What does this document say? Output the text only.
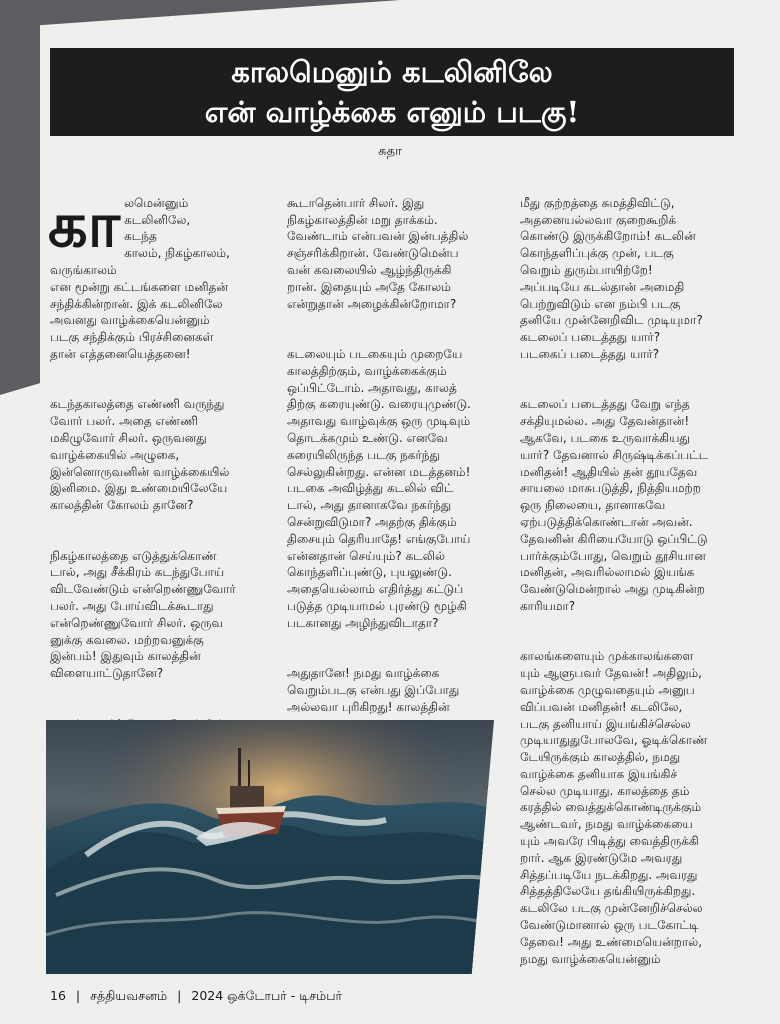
காலமெனும் கடலினிலே
என் வாழ்க்கை எனும் படகு!
சுதா

காலமென்னும்
கடலினிலே,
கடந்த
காலம், நிகழ்காலம், வருங்காலம்
என மூன்று கட்டங்களை மனிதன்
சந்திக்கின்றான். இக் கடலினிலே
அவனது வாழ்க்கையென்னும்
படகு சந்திக்கும் பிரச்சினைகள்
தான் எத்தனையெத்தனை!

கடந்தகாலத்தை எண்ணி வருந்து
வோர் பலர். அதை எண்ணி
மகிழுவோர் சிலர். ஒருவனது
வாழ்க்கையில் அழுகை,
இன்னொருவனின் வாழ்க்கையில்
இனிமை. இது உண்மையிலேயே
காலத்தின் கோலம் தானே?

நிகழ்காலத்தை எடுத்துக்கொண்
டால், அது சீக்கிரம் கடந்துபோய்
விடவேண்டும் என்றெண்ணுவோர்
பலர். அது போய்விடக்கூடாது
என்றெண்ணுவோர் சிலர். ஒருவ
னுக்கு கவலை. மற்றவனுக்கு
இன்பம்! இதுவும் காலத்தின்
விளையாட்டுதானே?

கூடாதென்பார் சிலர். இது
நிகழ்காலத்தின் மறு தாக்கம்.
வேண்டாம் என்பவன் இன்பத்தில்
சஞ்சரிக்கிறான். வேண்டுமென்ப
வன் கவலையில் ஆழ்ந்திருக்கி
றான். இதையும் அதே கோலம்
என்றுதான் அழைக்கின்றோமா?

கடலையும் படகையும் முறையே
காலத்திற்கும், வாழ்க்கைக்கும்
ஒப்பிட்டோம். அதாவது, காலத்
திற்கு கரையுண்டு. வரையுமுண்டு.
அதாவது வாழ்வுக்கு ஒரு முடிவும்
தொடக்கமும் உண்டு. எனவே
கரையிலிருந்த படகு நகர்ந்து
செல்லுகின்றது. என்ன மடத்தனம்!
படகை அவிழ்த்து கடலில் விட்
டால், அது தானாகவே நகர்ந்து
சென்றுவிடுமா? அதற்கு திக்கும்
திசையும் தெரியாதே! எங்குபோய்
என்னதான் செய்யும்? கடலில்
கொந்தளிப்புண்டு, புயலுண்டு.
அதையெல்லாம் எதிர்த்து கட்டுப்
படுத்த முடியாமல் புரண்டு மூழ்கி
படகானது அழிந்துவிடாதா?

அதுதானே! நமது வாழ்க்கை
வெறும்படகு என்பது இப்போது
அல்லவா புரிகிறது! காலத்தின்

மீது குற்றத்தை சுமத்திவிட்டு,
அதனையல்லவா குறைகூறிக்
கொண்டு இருக்கிறோம்! கடலின்
கொந்தளிப்புக்கு முன், படகு
வெறும் துரும்பாயிற்றே!
அப்படியே கடல்தான் அமைதி
பெற்றுவிடும் என நம்பி படகு
தனியே முன்னேறிவிட முடியுமா?
கடலைப் படைத்தது யார்?
படகைப் படைத்தது யார்?

கடலைப் படைத்தது வேறு எந்த
சக்தியுமல்ல. அது தேவன்தான்!
ஆகவே, படகை உருவாக்கியது
யார்? தேவனால் சிருஷ்டிக்கப்பட்ட
மனிதன்! ஆதியில் தன் தூயதேவ
சாயலை மாசுபடுத்தி, நித்தியமற்ற
ஒரு நிலையை, தானாகவே
ஏற்படுத்திக்கொண்டான் அவன்.
தேவனின் கிரியையோடு ஒப்பிட்டு
பார்க்கும்போது, வெறும் தூசியான
மனிதன், அவரில்லாமல் இயங்க
வேண்டுமென்றால் அது முடிகின்ற
காரியமா?

காலங்களையும் முக்காலங்களை
யும் ஆளுபவர் தேவன்! அதிலும்,
வாழ்க்கை முழுவதையும் அனுப
விப்பவன் மனிதன்! கடலிலே,
படகு தனியாய் இயங்கிச்செல்ல
முடியாதுதுபோலவே, ஓடிக்கொண்
டேயிருக்கும் காலத்தில், நமது
வாழ்க்கை தனியாக இயங்கிச்
செல்ல முடியாது. காலத்தை தம்
கரத்தில் வைத்துக்கொண்டிருக்கும்
ஆண்டவர், நமது வாழ்க்கையை
யும் அவரே பிடித்து வைத்திருக்கி
றார். ஆக இரண்டுமே அவரது
சித்தப்படியே நடக்கிறது. அவரது
சித்தத்திலேயே தங்கியிருக்கிறது.
கடலிலே படகு முன்னேறிச்செல்ல
வேண்டுமானால் ஒரு படகோட்டி
தேவை! அது உண்மையென்றால்,
நமது வாழ்க்கையென்னும்

16 | சத்தியவசனம் | 2024 ஒக்டோபர் - டிசம்பர்
